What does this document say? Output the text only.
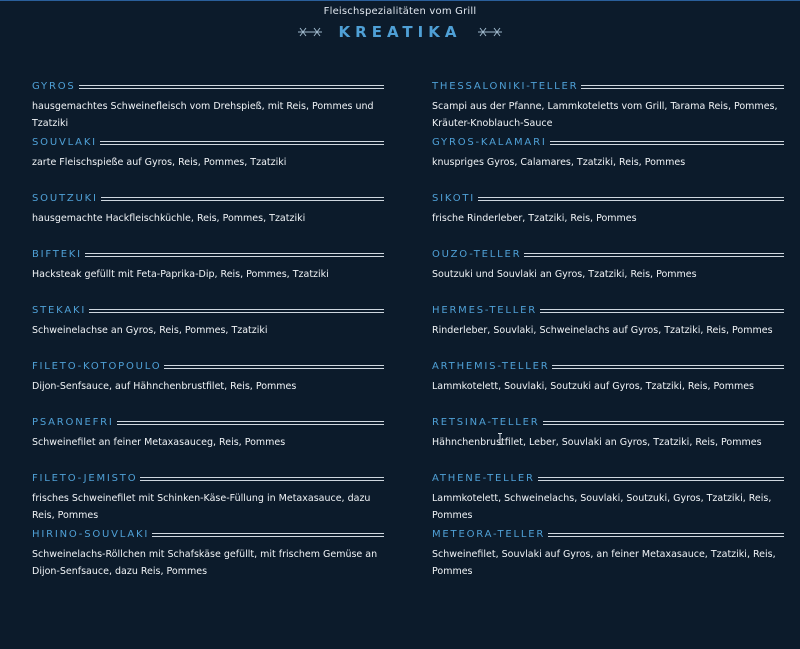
Fleischspezialitäten vom Grill
KREATIKA
GYROS
hausgemachtes Schweinefleisch vom Drehspieß, mit Reis, Pommes und Tzatziki
SOUVLAKI
zarte Fleischspieße auf Gyros, Reis, Pommes, Tzatziki
SOUTZUKI
hausgemachte Hackfleischküchle, Reis, Pommes, Tzatziki
BIFTEKI
Hacksteak gefüllt mit Feta-Paprika-Dip, Reis, Pommes, Tzatziki
STEKAKI
Schweinelachse an Gyros, Reis, Pommes, Tzatziki
FILETO-KOTOPOULO
Dijon-Senfsauce, auf Hähnchenbrustfilet, Reis, Pommes
PSARONEFRI
Schweinefilet an feiner Metaxasauceg, Reis, Pommes
FILETO-JEMISTO
frisches Schweinefilet mit Schinken-Käse-Füllung in Metaxasauce, dazu Reis, Pommes
HIRINO-SOUVLAKI
Schweinelachs-Röllchen mit Schafskäse gefüllt, mit frischem Gemüse an Dijon-Senfsauce, dazu Reis, Pommes
THESSALONIKI-TELLER
Scampi aus der Pfanne, Lammkoteletts vom Grill, Tarama Reis, Pommes, Kräuter-Knoblauch-Sauce
GYROS-KALAMARI
knuspriges Gyros, Calamares, Tzatziki, Reis, Pommes
SIKOTI
frische Rinderleber, Tzatziki, Reis, Pommes
OUZO-TELLER
Soutzuki und Souvlaki an Gyros, Tzatziki, Reis, Pommes
HERMES-TELLER
Rinderleber, Souvlaki, Schweinelachs auf Gyros, Tzatziki, Reis, Pommes
ARTHEMIS-TELLER
Lammkotelett, Souvlaki, Soutzuki auf Gyros, Tzatziki, Reis, Pommes
RETSINA-TELLER
Hähnchenbrustfilet, Leber, Souvlaki an Gyros, Tzatziki, Reis, Pommes
ATHENE-TELLER
Lammkotelett, Schweinelachs, Souvlaki, Soutzuki, Gyros, Tzatziki, Reis, Pommes
METEORA-TELLER
Schweinefilet, Souvlaki auf Gyros, an feiner Metaxasauce, Tzatziki, Reis, Pommes
